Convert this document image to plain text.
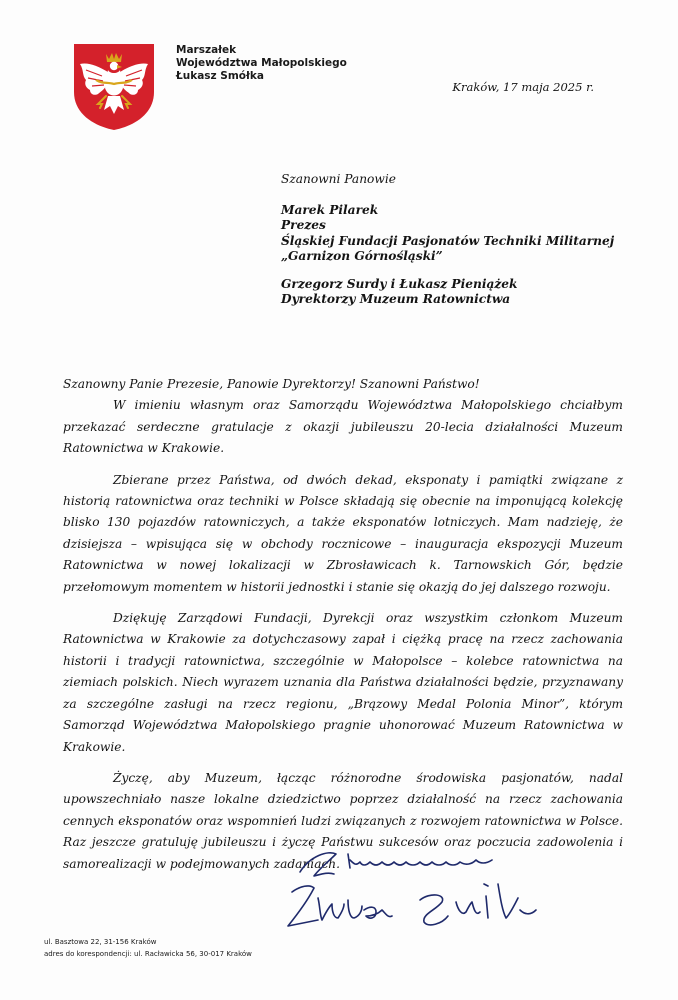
Marszałek
Województwa Małopolskiego
Łukasz Smółka
Kraków, 17 maja 2025 r.
Szanowni Panowie
Marek Pilarek
Prezes
Śląskiej Fundacji Pasjonatów Techniki Militarnej
„Garnizon Górnośląski”
Grzegorz Surdy i Łukasz Pieniążek
Dyrektorzy Muzeum Ratownictwa

Szanowny Panie Prezesie, Panowie Dyrektorzy! Szanowni Państwo!

W imieniu własnym oraz Samorządu Województwa Małopolskiego chciałbym przekazać serdeczne gratulacje z okazji jubileuszu 20-lecia działalności Muzeum Ratownictwa w Krakowie.

Zbierane przez Państwa, od dwóch dekad, eksponaty i pamiątki związane z historią ratownictwa oraz techniki w Polsce składają się obecnie na imponującą kolekcję blisko 130 pojazdów ratowniczych, a także eksponatów lotniczych. Mam nadzieję, że dzisiejsza – wpisująca się w obchody rocznicowe – inauguracja ekspozycji Muzeum Ratownictwa w nowej lokalizacji w Zbrosławicach k. Tarnowskich Gór, będzie przełomowym momentem w historii jednostki i stanie się okazją do jej dalszego rozwoju.

Dziękuję Zarządowi Fundacji, Dyrekcji oraz wszystkim członkom Muzeum Ratownictwa w Krakowie za dotychczasowy zapał i ciężką pracę na rzecz zachowania historii i tradycji ratownictwa, szczególnie w Małopolsce – kolebce ratownictwa na ziemiach polskich. Niech wyrazem uznania dla Państwa działalności będzie, przyznawany za szczególne zasługi na rzecz regionu, „Brązowy Medal Polonia Minor”, którym Samorząd Województwa Małopolskiego pragnie uhonorować Muzeum Ratownictwa w Krakowie.

Życzę, aby Muzeum, łącząc różnorodne środowiska pasjonatów, nadal upowszechniało nasze lokalne dziedzictwo poprzez działalność na rzecz zachowania cennych eksponatów oraz wspomnień ludzi związanych z rozwojem ratownictwa w Polsce. Raz jeszcze gratuluję jubileuszu i życzę Państwu sukcesów oraz poczucia zadowolenia i samorealizacji w podejmowanych zadaniach.

ul. Basztowa 22, 31-156 Kraków
adres do korespondencji: ul. Racławicka 56, 30-017 Kraków
